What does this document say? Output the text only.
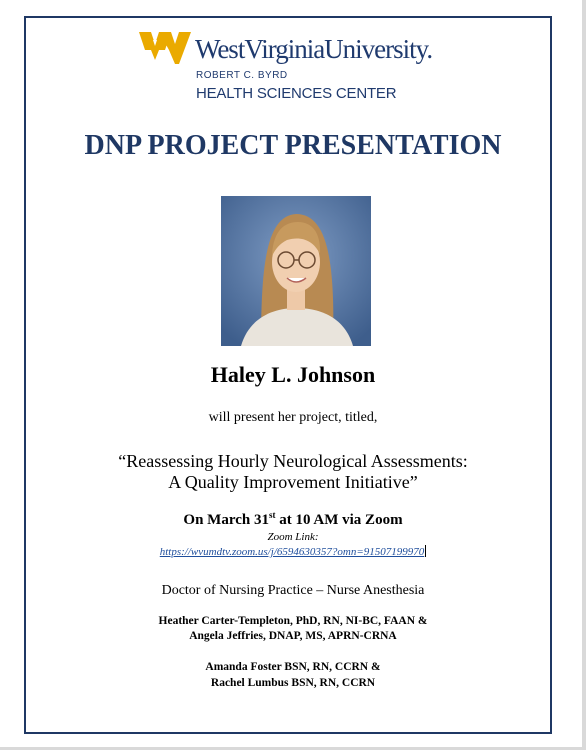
WestVirginiaUniversity.
ROBERT C. BYRD
HEALTH SCIENCES CENTER
DNP PROJECT PRESENTATION
Haley L. Johnson
will present her project, titled,
“Reassessing Hourly Neurological Assessments:
A Quality Improvement Initiative”
On March 31st at 10 AM via Zoom
Zoom Link:
https://wvumdtv.zoom.us/j/6594630357?omn=91507199970
Doctor of Nursing Practice – Nurse Anesthesia
Heather Carter-Templeton, PhD, RN, NI-BC, FAAN &
Angela Jeffries, DNAP, MS, APRN-CRNA
Amanda Foster BSN, RN, CCRN &
Rachel Lumbus BSN, RN, CCRN
